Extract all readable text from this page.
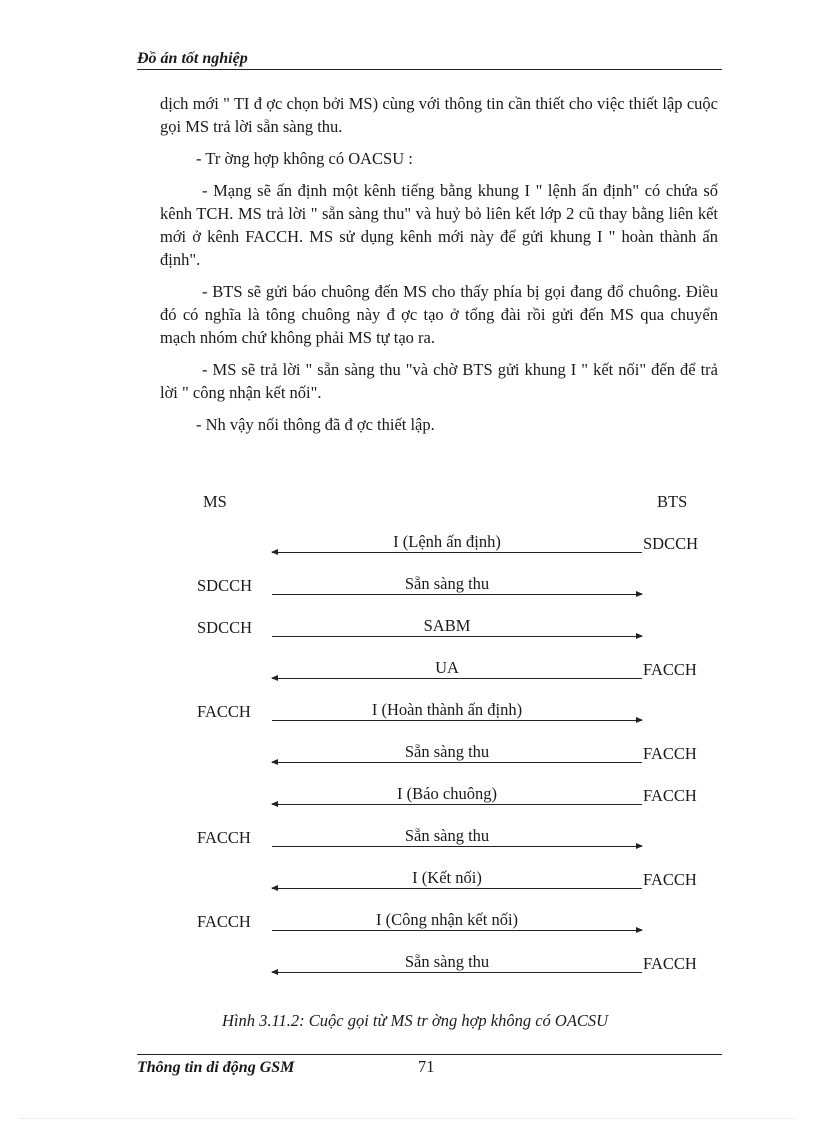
Đồ án tốt nghiệp

dịch mới " TI đ ợc chọn bởi MS) cùng với thông tin cần thiết cho việc thiết lập cuộc gọi MS trả lời sẵn sàng thu.

- Tr ờng hợp không có OACSU :

- Mạng sẽ ấn định một kênh tiếng bằng khung I " lệnh ấn định" có chứa số kênh TCH. MS trả lời " sẵn sàng thu" và huỷ bỏ liên kết lớp 2 cũ thay bằng liên kết mới ở kênh FACCH. MS sử dụng kênh mới này để gửi khung I " hoàn thành ấn định".

- BTS sẽ gửi báo chuông đến MS cho thấy phía bị gọi đang đổ chuông. Điều đó có nghĩa là tông chuông này đ ợc tạo ở tổng đài rồi gửi đến MS qua chuyển mạch nhóm chứ không phải MS tự tạo ra.

- MS sẽ trả lời " sẵn sàng thu "và chờ BTS gửi khung I " kết nối" đến để trả lời " công nhận kết nối".

- Nh vậy nối thông đã đ ợc thiết lập.

MS	BTS
I (Lệnh ấn định)	SDCCH
SDCCH	Sẵn sàng thu
SDCCH	SABM
UA	FACCH
FACCH	I (Hoàn thành ấn định)
Sẵn sàng thu	FACCH
I (Báo chuông)	FACCH
FACCH	Sẵn sàng thu
I (Kết nối)	FACCH
FACCH	I (Công nhận kết nối)
Sẵn sàng thu	FACCH
Hình 3.11.2: Cuộc gọi từ MS tr ờng hợp không có OACSU
Thông tin di động GSM	71
